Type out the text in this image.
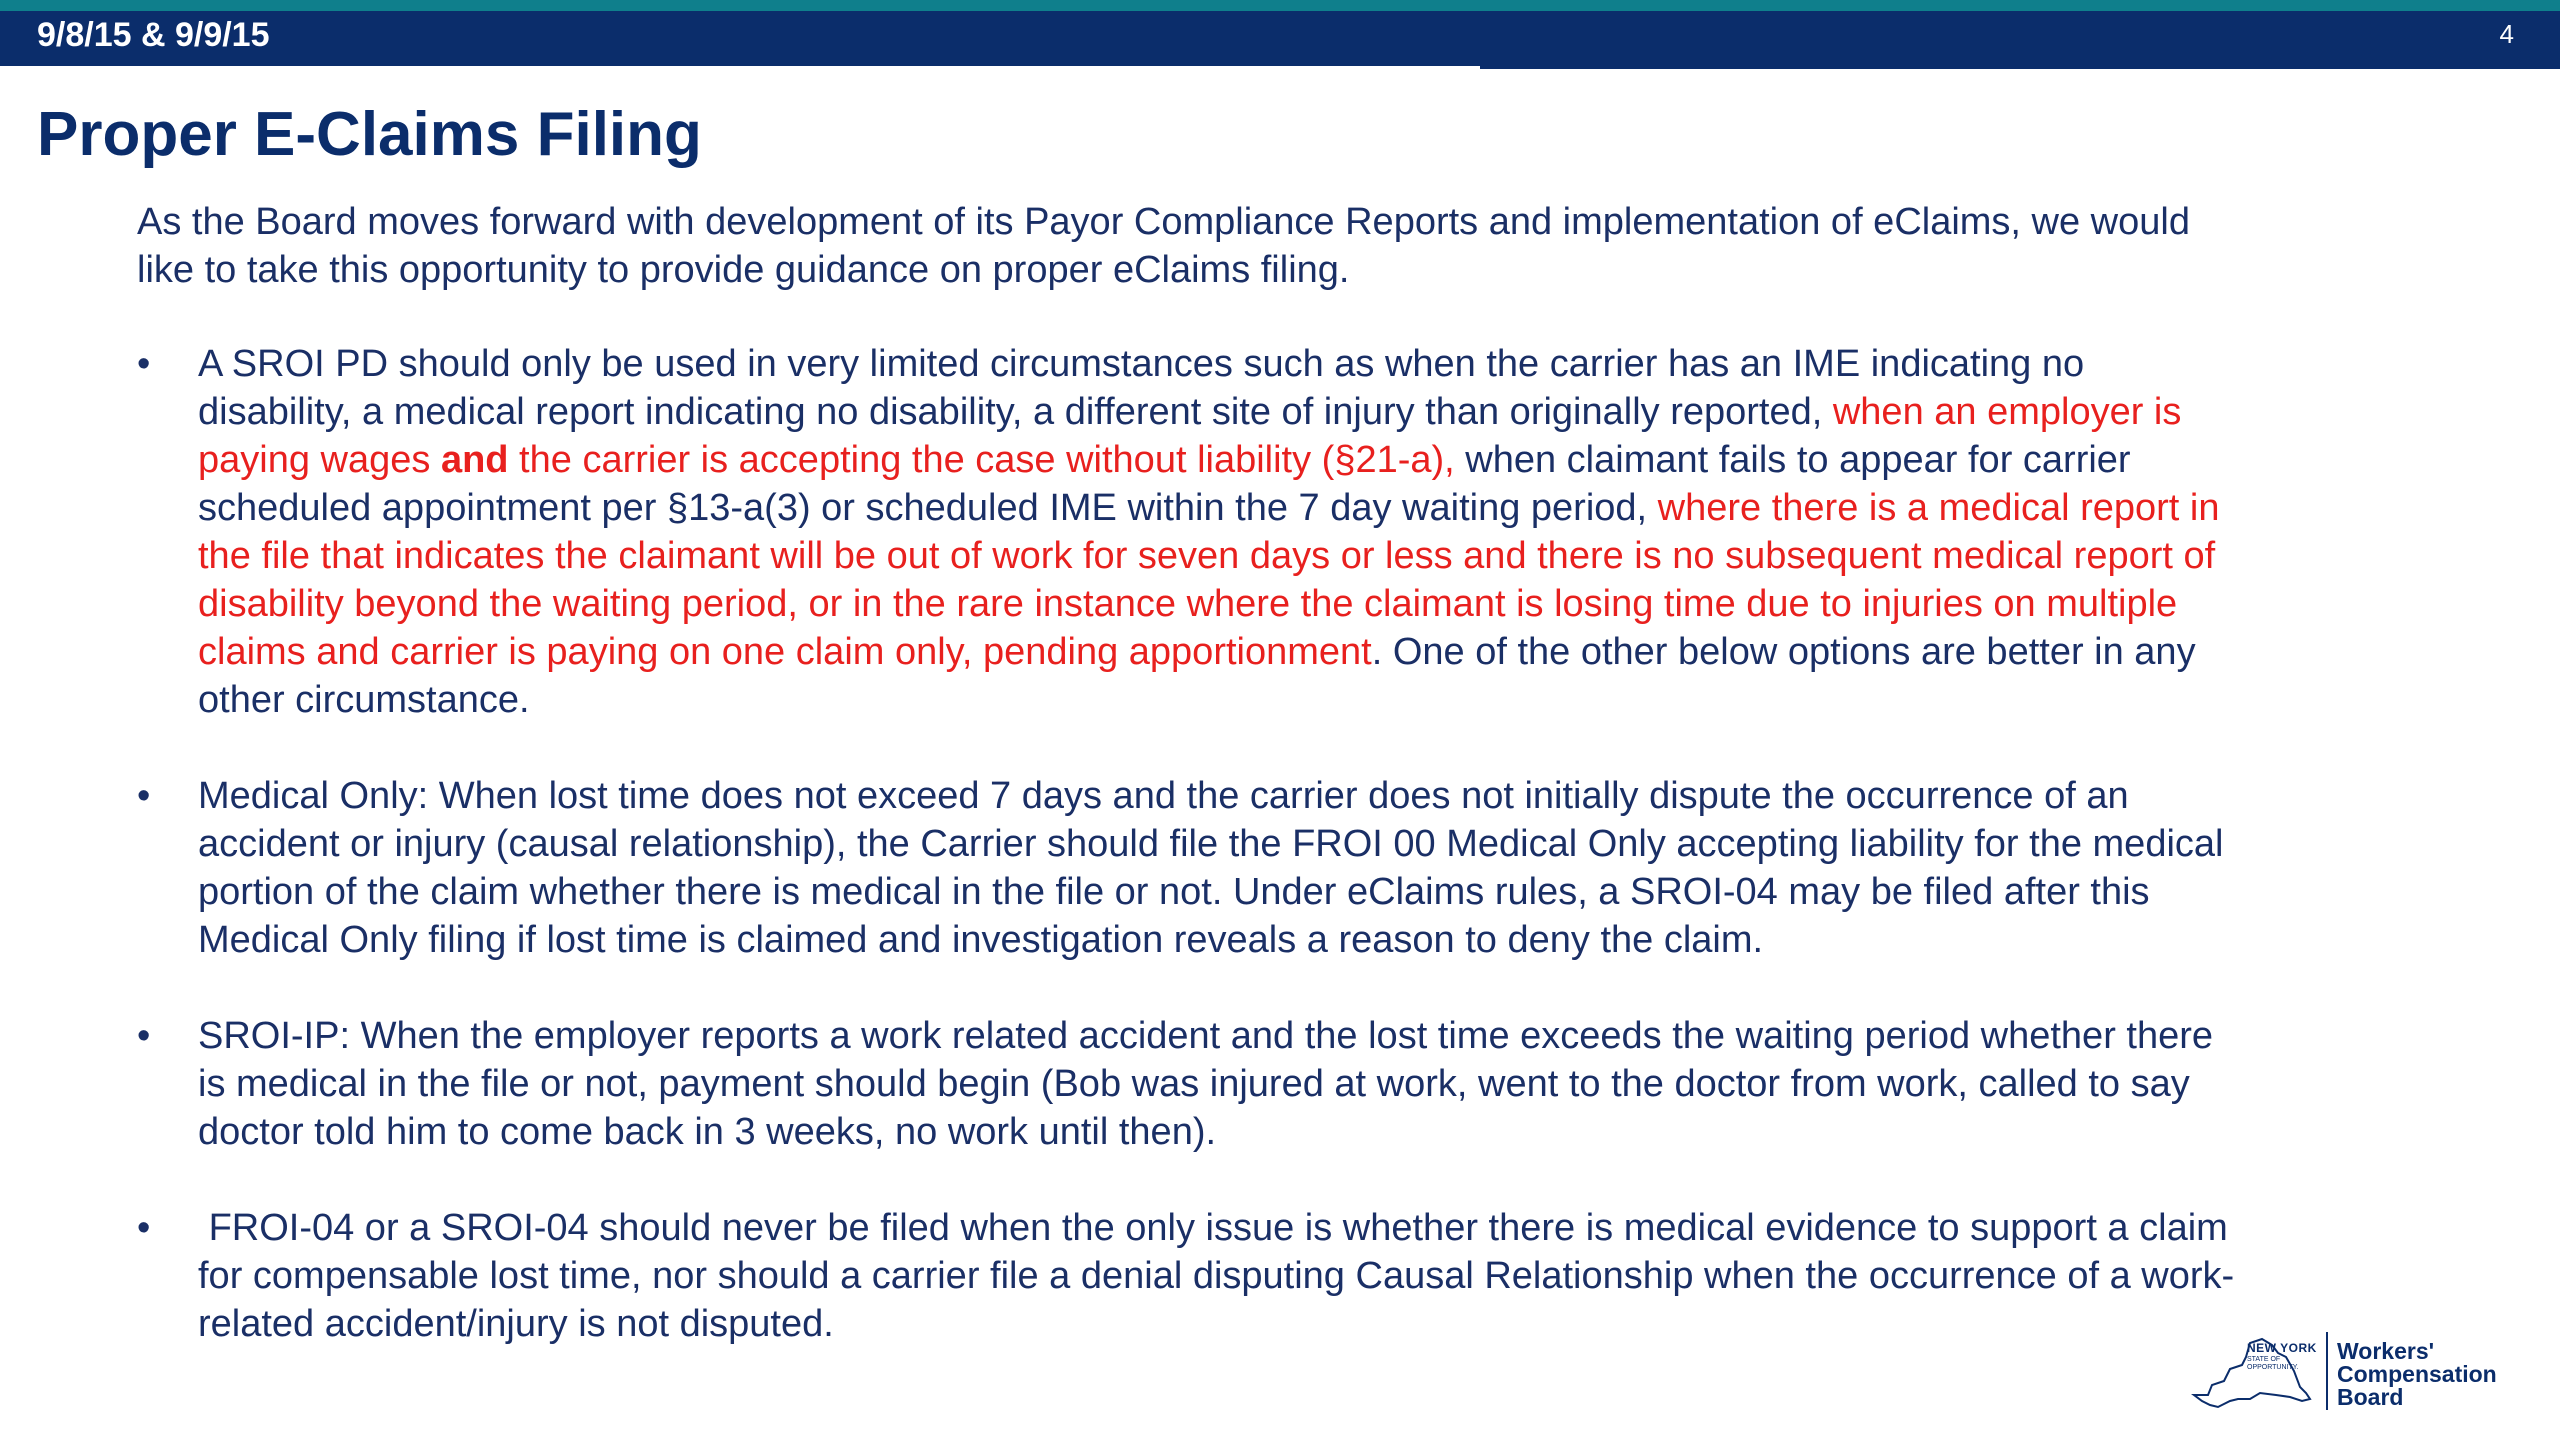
9/8/15 & 9/9/15	4
Proper E-Claims Filing

As the Board moves forward with development of its Payor Compliance Reports and implementation of eClaims, we would like to take this opportunity to provide guidance on proper eClaims filing.

•	A SROI PD should only be used in very limited circumstances such as when the carrier has an IME indicating no disability, a medical report indicating no disability, a different site of injury than originally reported, when an employer is paying wages and the carrier is accepting the case without liability (§21-a), when claimant fails to appear for carrier scheduled appointment per §13-a(3) or scheduled IME within the 7 day waiting period, where there is a medical report in the file that indicates the claimant will be out of work for seven days or less and there is no subsequent medical report of disability beyond the waiting period, or in the rare instance where the claimant is losing time due to injuries on multiple claims and carrier is paying on one claim only, pending apportionment. One of the other below options are better in any other circumstance.
•	Medical Only: When lost time does not exceed 7 days and the carrier does not initially dispute the occurrence of an accident or injury (causal relationship), the Carrier should file the FROI 00 Medical Only accepting liability for the medical portion of the claim whether there is medical in the file or not. Under eClaims rules, a SROI-04 may be filed after this Medical Only filing if lost time is claimed and investigation reveals a reason to deny the claim.
•	SROI-IP: When the employer reports a work related accident and the lost time exceeds the waiting period whether there is medical in the file or not, payment should begin (Bob was injured at work, went to the doctor from work, called to say doctor told him to come back in 3 weeks, no work until then).
•	FROI-04 or a SROI-04 should never be filed when the only issue is whether there is medical evidence to support a claim for compensable lost time, nor should a carrier file a denial disputing Causal Relationship when the occurrence of a work-related accident/injury is not disputed.
NEW YORK
STATE OF OPPORTUNITY.
Workers'
Compensation
Board
